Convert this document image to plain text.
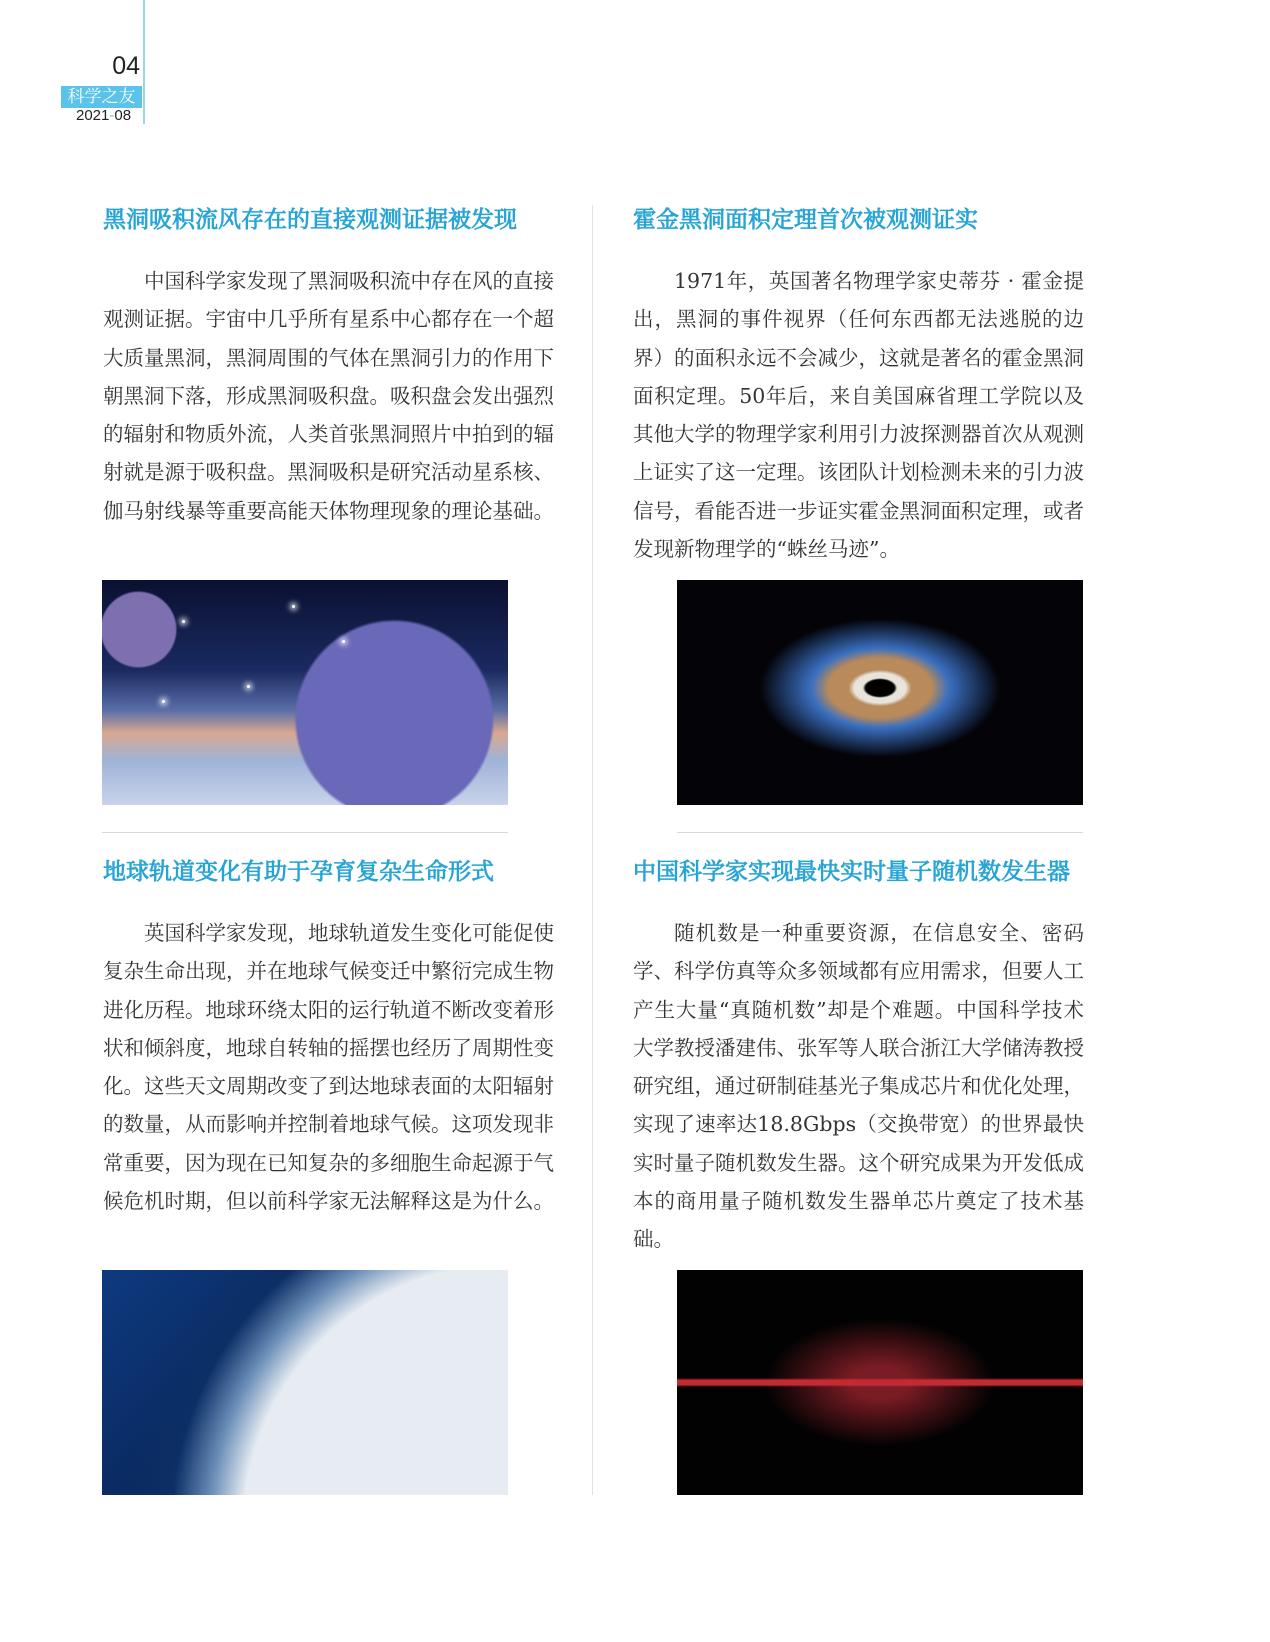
04
科学之友
2021-08
黑洞吸积流风存在的直接观测证据被发现

中国科学家发现了黑洞吸积流中存在风的直接观测证据。宇宙中几乎所有星系中心都存在一个超大质量黑洞，黑洞周围的气体在黑洞引力的作用下朝黑洞下落，形成黑洞吸积盘。吸积盘会发出强烈的辐射和物质外流，人类首张黑洞照片中拍到的辐射就是源于吸积盘。黑洞吸积是研究活动星系核、伽马射线暴等重要高能天体物理现象的理论基础。

霍金黑洞面积定理首次被观测证实

1971年，英国著名物理学家史蒂芬 · 霍金提出，黑洞的事件视界（任何东西都无法逃脱的边界）的面积永远不会减少，这就是著名的霍金黑洞面积定理。50年后，来自美国麻省理工学院以及其他大学的物理学家利用引力波探测器首次从观测上证实了这一定理。该团队计划检测未来的引力波信号，看能否进一步证实霍金黑洞面积定理，或者发现新物理学的“蛛丝马迹”。

地球轨道变化有助于孕育复杂生命形式

英国科学家发现，地球轨道发生变化可能促使复杂生命出现，并在地球气候变迁中繁衍完成生物进化历程。地球环绕太阳的运行轨道不断改变着形状和倾斜度，地球自转轴的摇摆也经历了周期性变化。这些天文周期改变了到达地球表面的太阳辐射的数量，从而影响并控制着地球气候。这项发现非常重要，因为现在已知复杂的多细胞生命起源于气候危机时期，但以前科学家无法解释这是为什么。

中国科学家实现最快实时量子随机数发生器

随机数是一种重要资源，在信息安全、密码学、科学仿真等众多领域都有应用需求，但要人工产生大量“真随机数”却是个难题。中国科学技术大学教授潘建伟、张军等人联合浙江大学储涛教授研究组，通过研制硅基光子集成芯片和优化处理，实现了速率达18.8Gbps（交换带宽）的世界最快实时量子随机数发生器。这个研究成果为开发低成本的商用量子随机数发生器单芯片奠定了技术基础。
